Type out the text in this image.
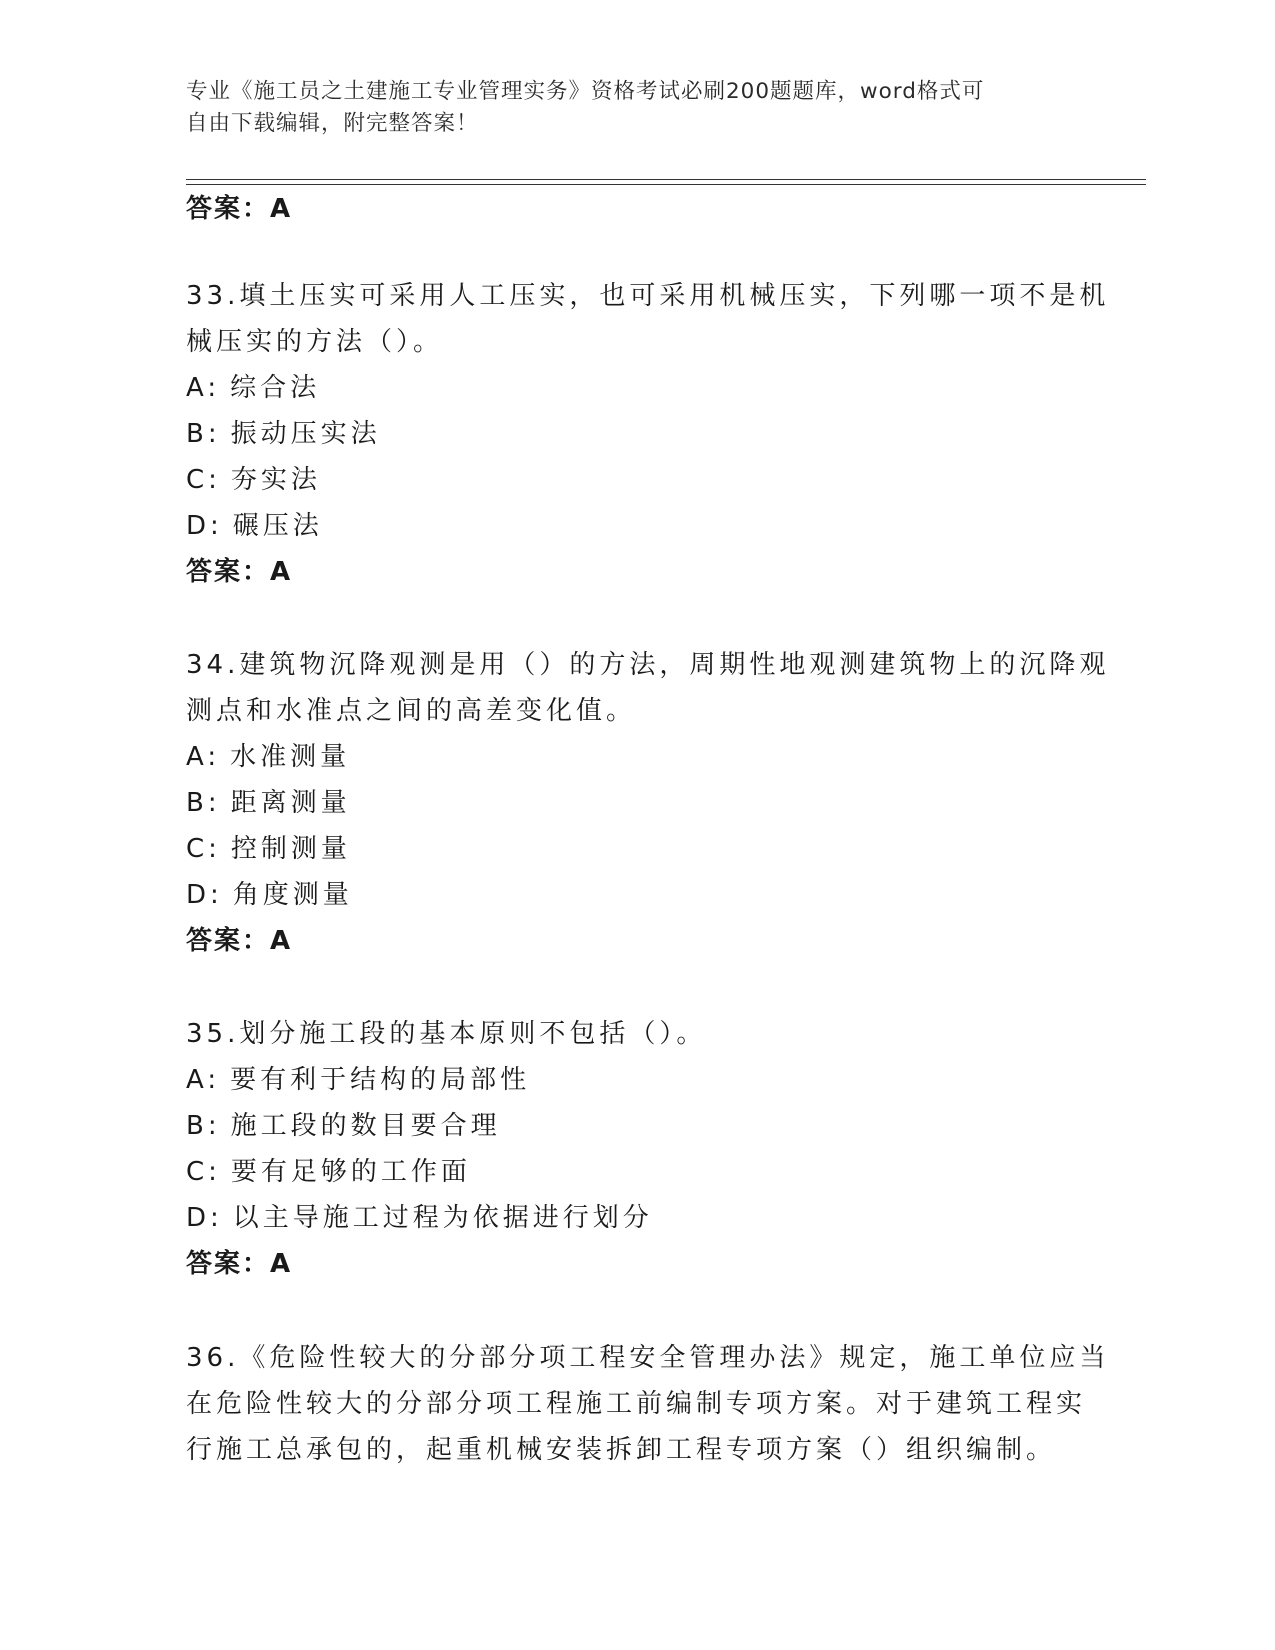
专业《施工员之土建施工专业管理实务》资格考试必刷200题题库，word格式可
自由下载编辑，附完整答案！
答案：A
33.填土压实可采用人工压实，也可采用机械压实，下列哪一项不是机
械压实的方法（）。
A: 综合法
B: 振动压实法
C: 夯实法
D: 碾压法
答案：A
34.建筑物沉降观测是用（）的方法，周期性地观测建筑物上的沉降观
测点和水准点之间的高差变化值。
A: 水准测量
B: 距离测量
C: 控制测量
D: 角度测量
答案：A
35.划分施工段的基本原则不包括（）。
A: 要有利于结构的局部性
B: 施工段的数目要合理
C: 要有足够的工作面
D: 以主导施工过程为依据进行划分
答案：A
36.《危险性较大的分部分项工程安全管理办法》规定，施工单位应当
在危险性较大的分部分项工程施工前编制专项方案。对于建筑工程实
行施工总承包的，起重机械安装拆卸工程专项方案（）组织编制。
